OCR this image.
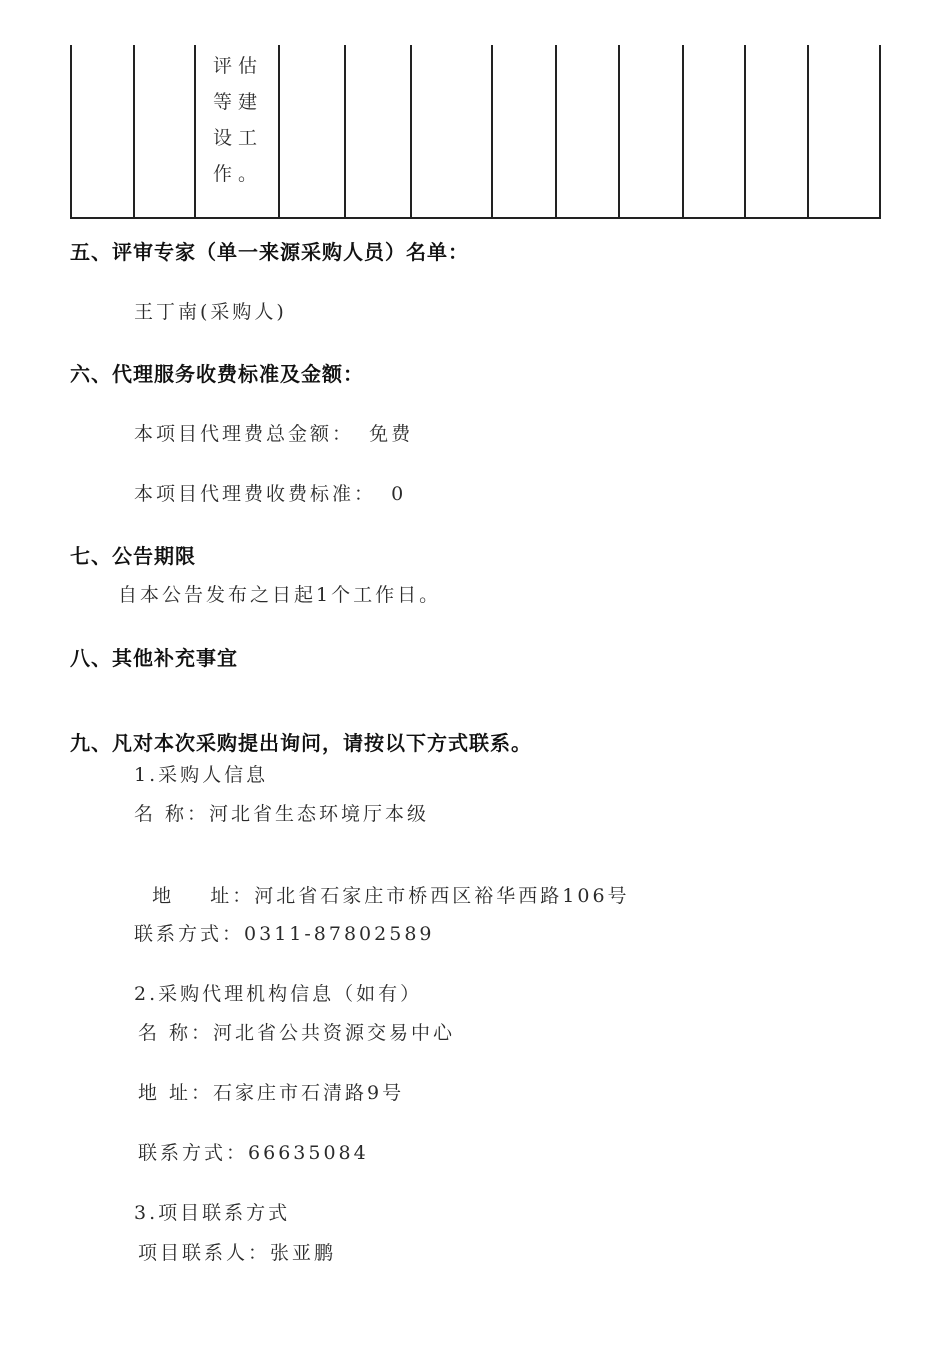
评估等建设工作。
五、评审专家（单一来源采购人员）名单：
王丁南(采购人)
六、代理服务收费标准及金额：
本项目代理费总金额： 免费
本项目代理费收费标准： 0
七、公告期限
自本公告发布之日起1个工作日。
八、其他补充事宜
九、凡对本次采购提出询问，请按以下方式联系。
1.采购人信息
名 称：河北省生态环境厅本级

地    址：河北省石家庄市桥西区裕华西路106号

联系方式：0311-87802589
2.采购代理机构信息（如有）
名 称：河北省公共资源交易中心
地 址：石家庄市石清路9号
联系方式：66635084
3.项目联系方式
项目联系人：张亚鹏
